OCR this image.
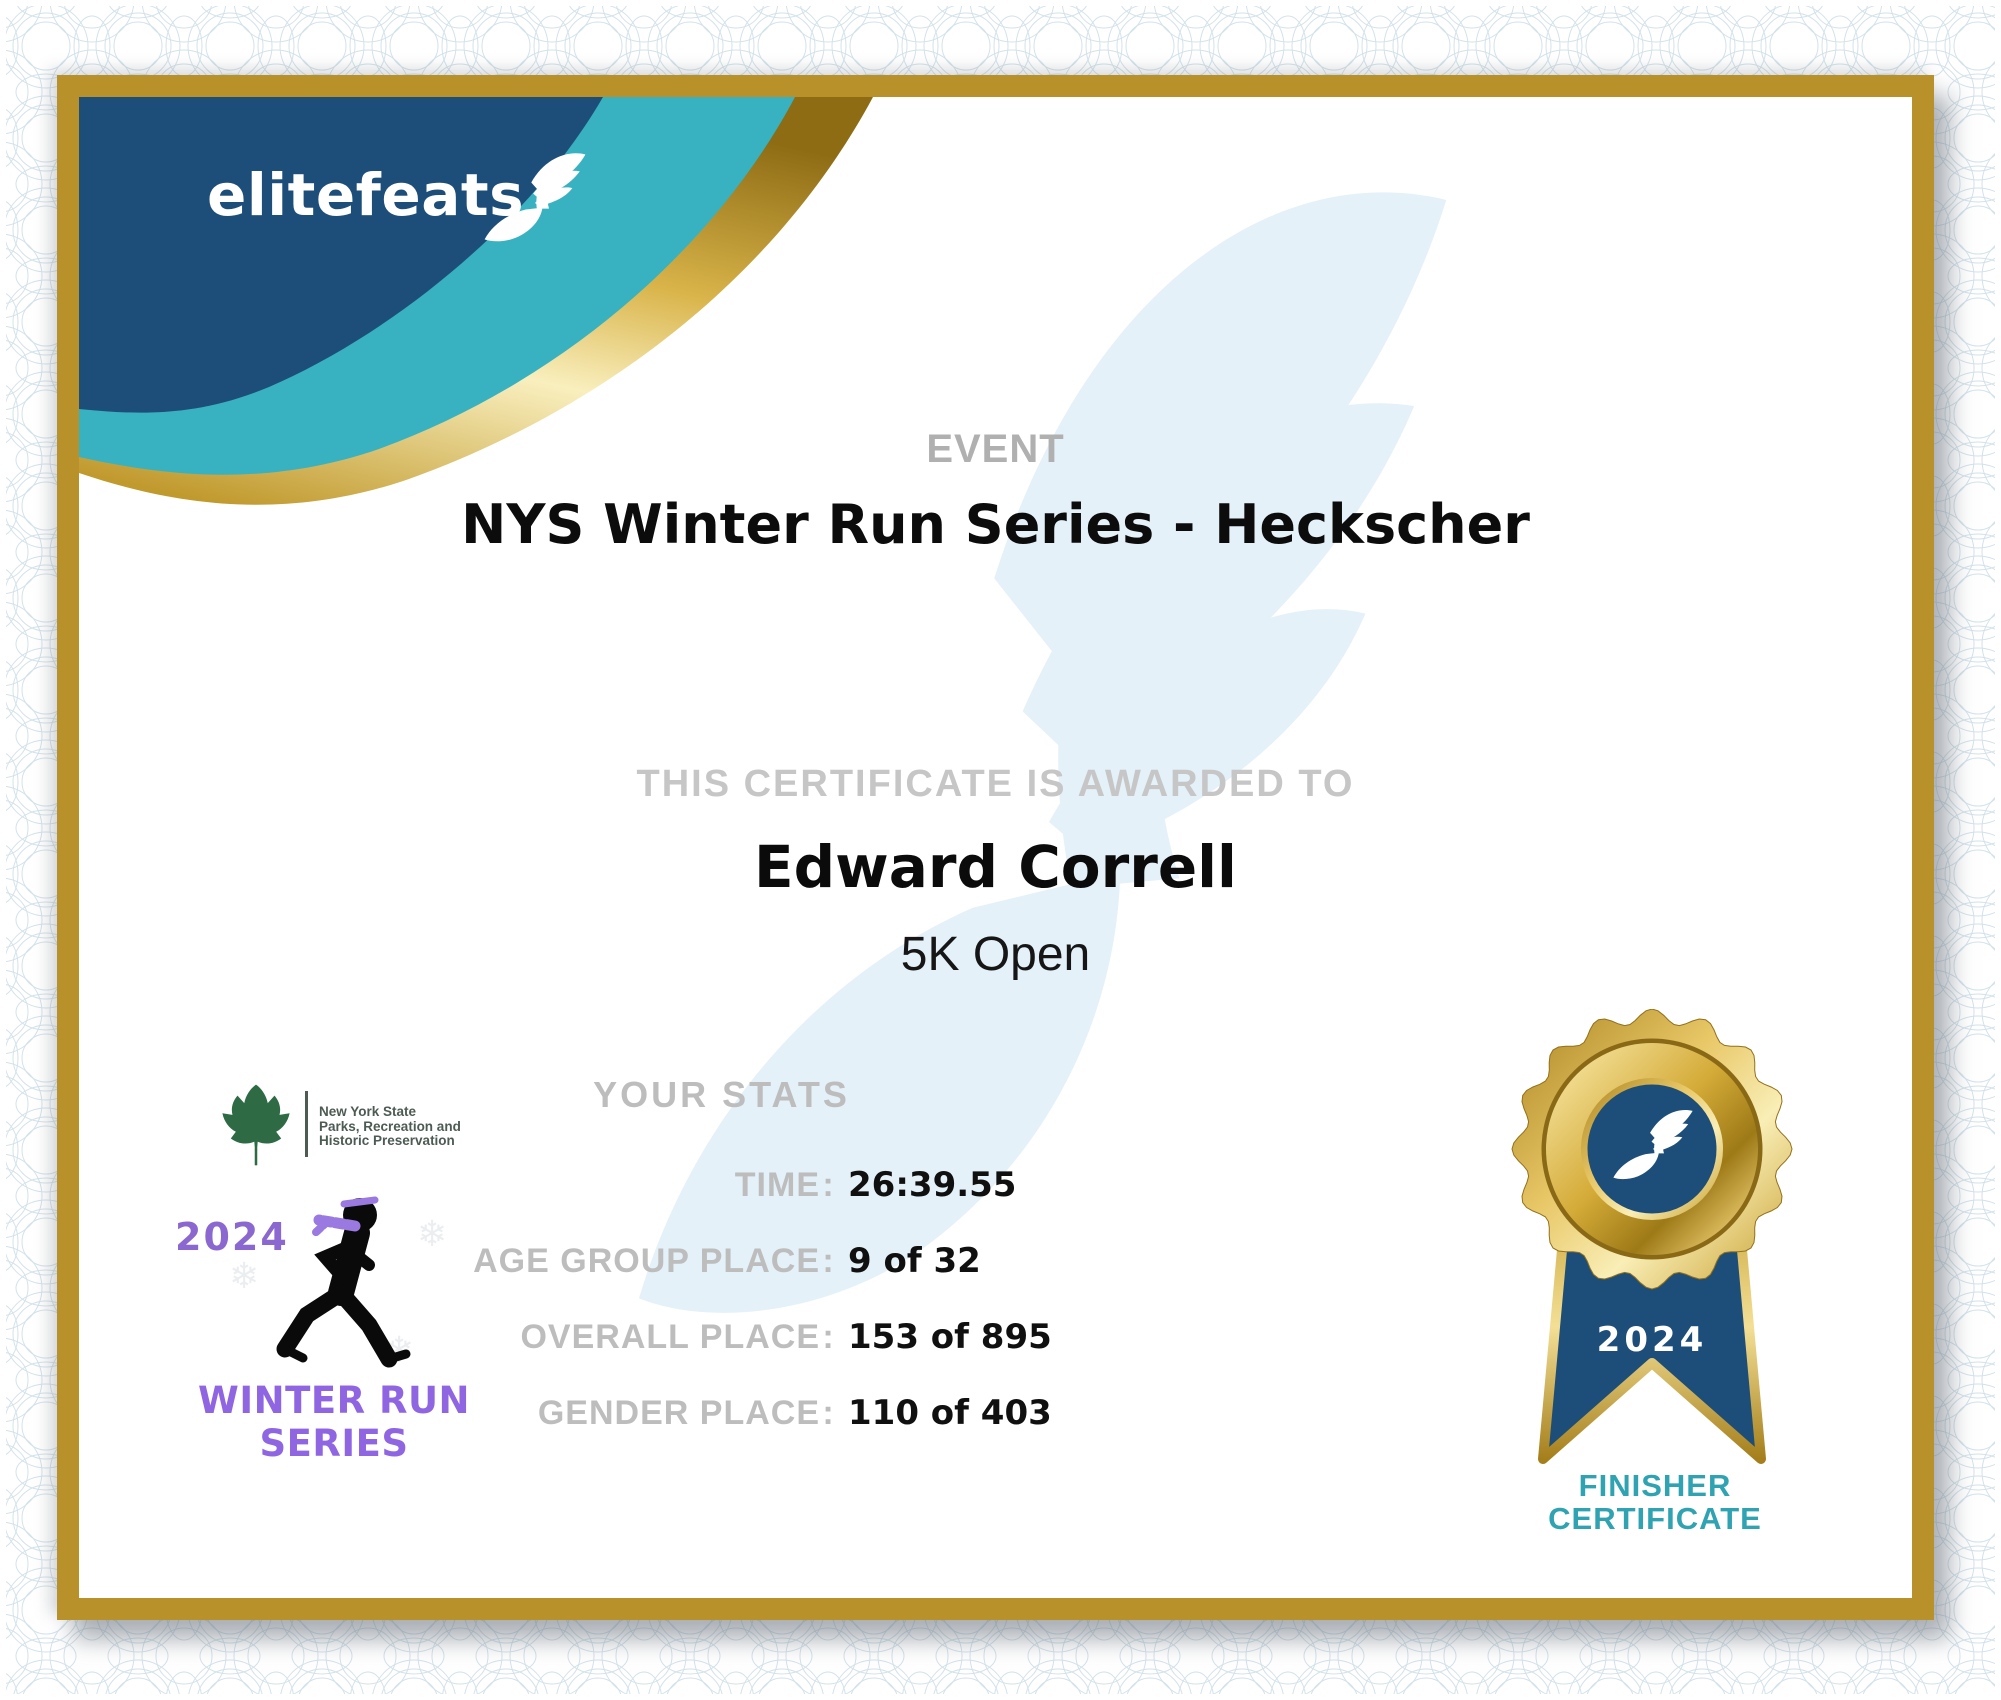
elitefeats
EVENT
NYS Winter Run Series - Heckscher
THIS CERTIFICATE IS AWARDED TO
Edward Correll
5K Open
YOUR STATS
TIME : 26:39.55
AGE GROUP PLACE : 9 of 32
OVERALL PLACE : 153 of 895
GENDER PLACE : 110 of 403
New York State
Parks, Recreation and
Historic Preservation
❄
❄
❄
2024
WINTER RUN SERIES
2024
FINISHER
CERTIFICATE
